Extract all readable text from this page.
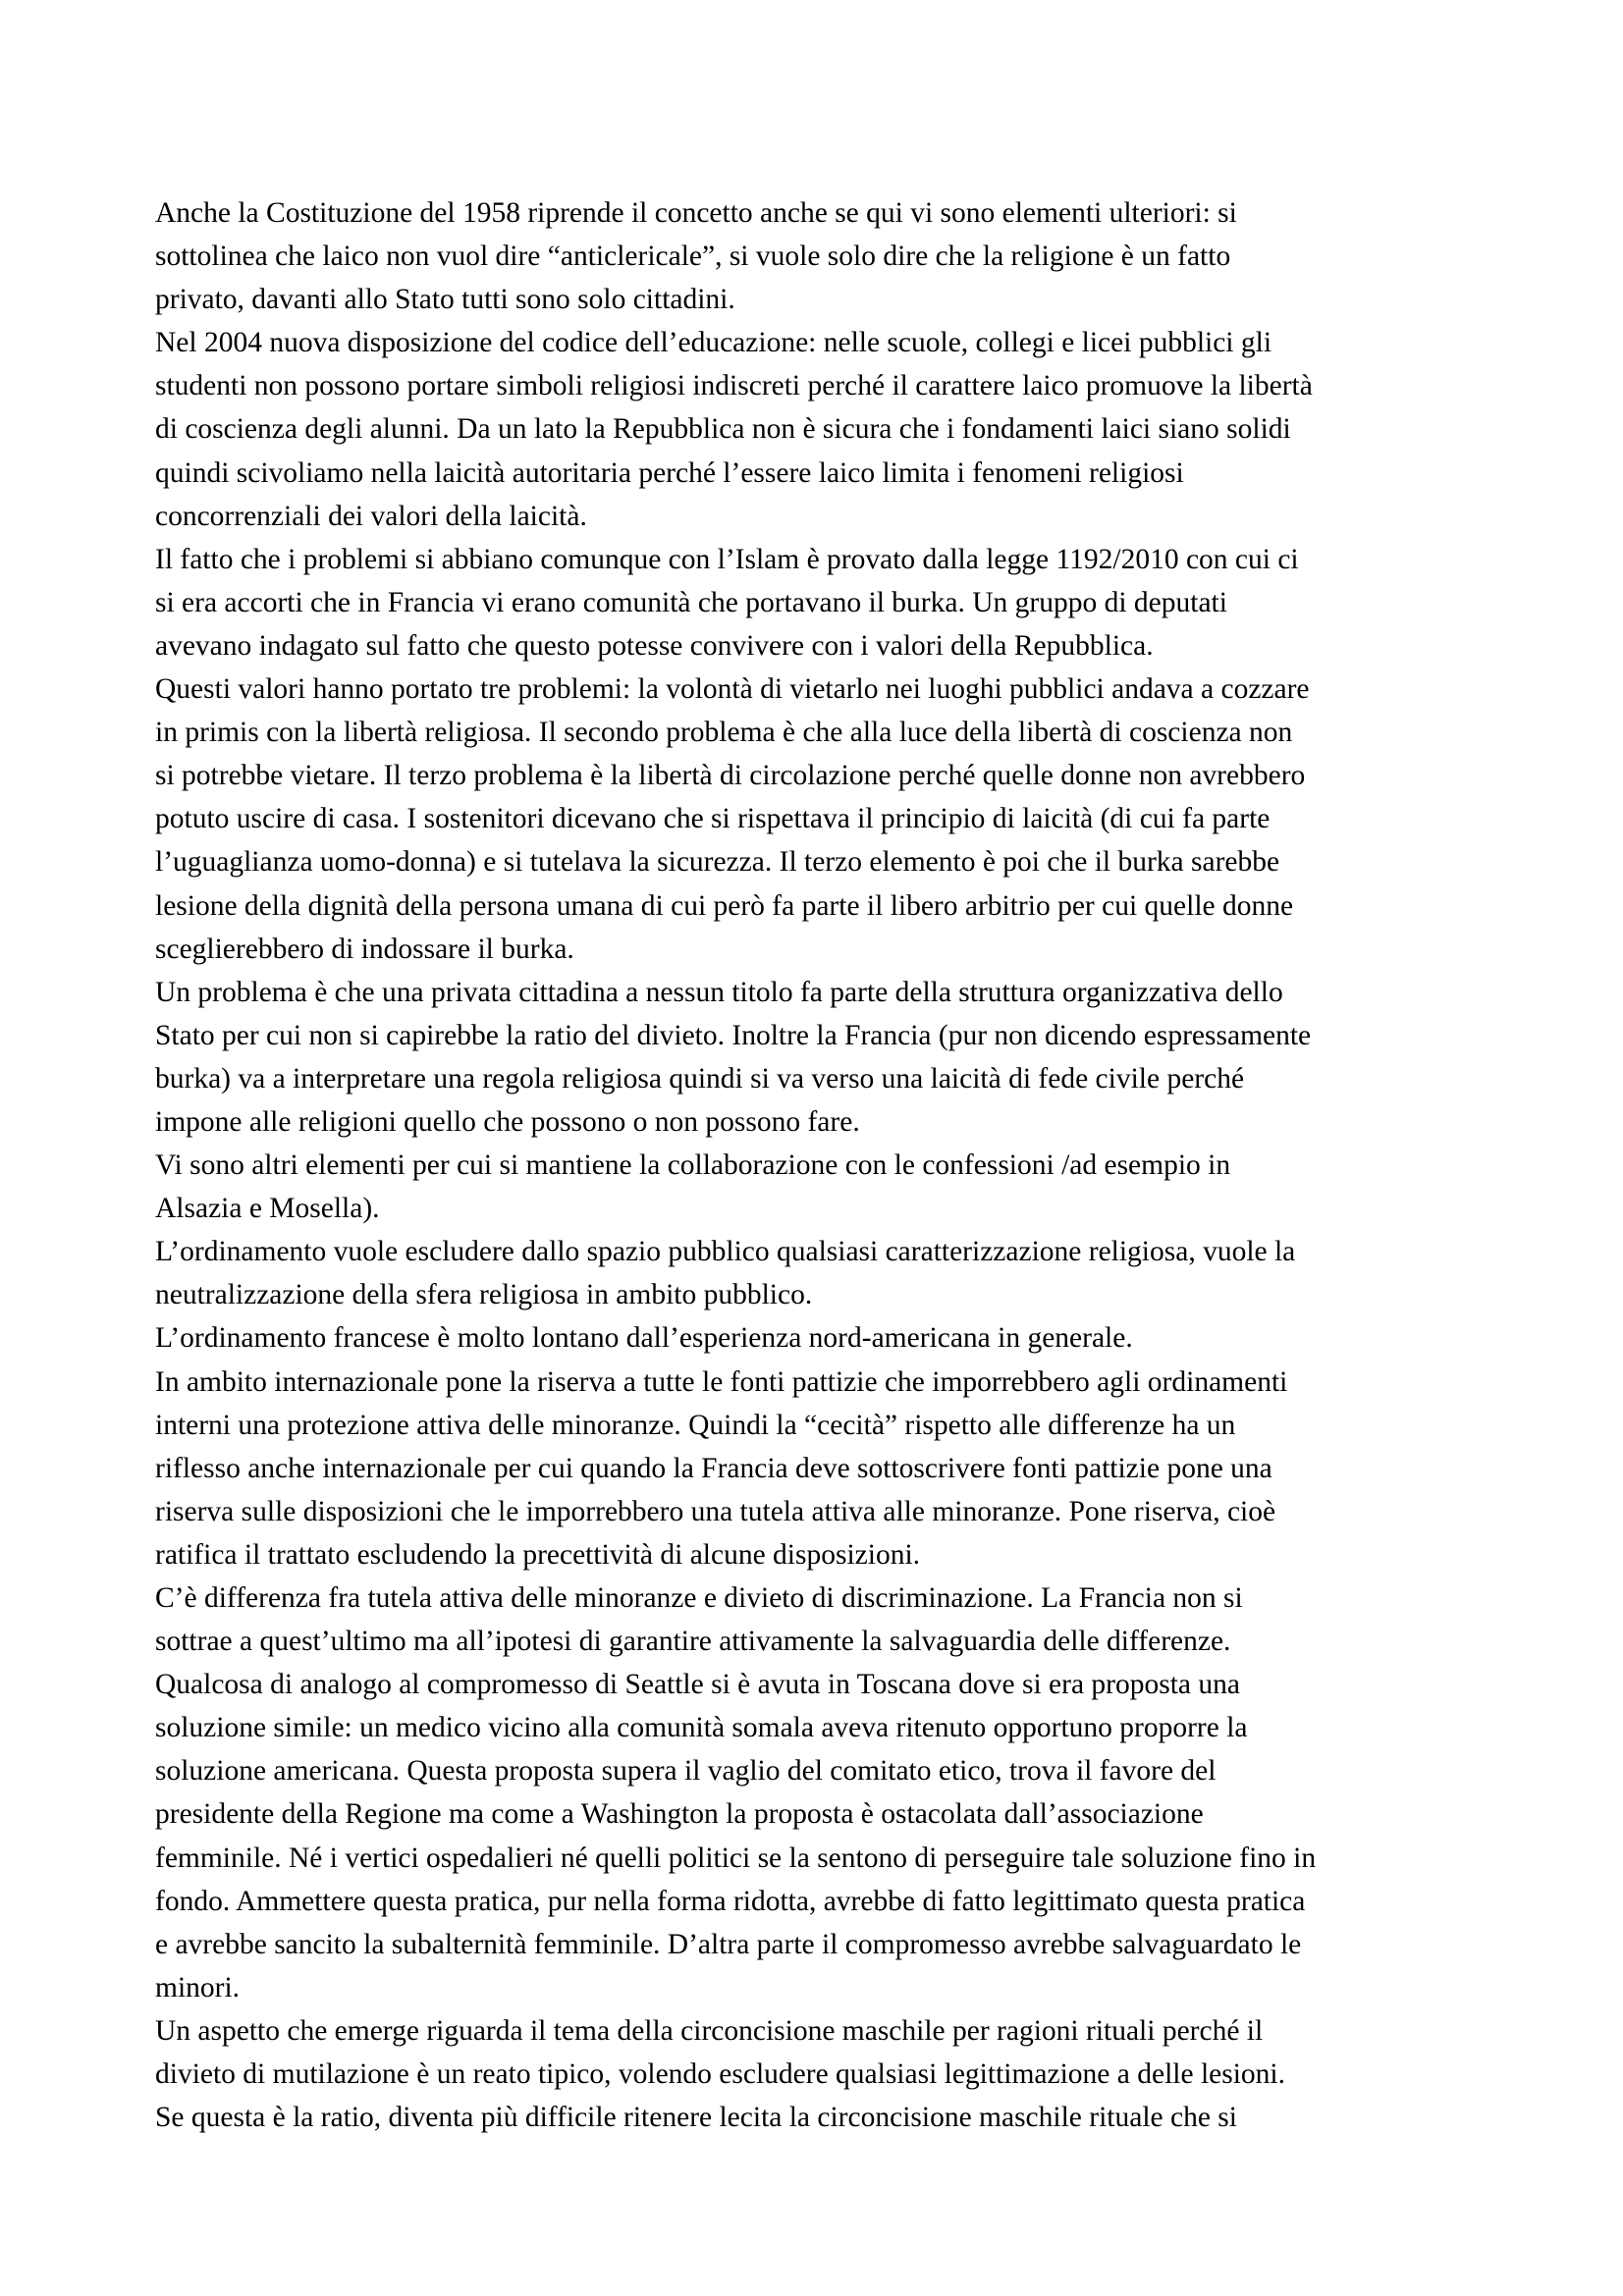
Anche la Costituzione del 1958 riprende il concetto anche se qui vi sono elementi ulteriori: si

sottolinea che laico non vuol dire “anticlericale”, si vuole solo dire che la religione è un fatto

privato, davanti allo Stato tutti sono solo cittadini.

Nel 2004 nuova disposizione del codice dell’educazione: nelle scuole, collegi e licei pubblici gli

studenti non possono portare simboli religiosi indiscreti perché il carattere laico promuove la libertà

di coscienza degli alunni. Da un lato la Repubblica non è sicura che i fondamenti laici siano solidi

quindi scivoliamo nella laicità autoritaria perché l’essere laico limita i fenomeni religiosi

concorrenziali dei valori della laicità.

Il fatto che i problemi si abbiano comunque con l’Islam è provato dalla legge 1192/2010 con cui ci

si era accorti che in Francia vi erano comunità che portavano il burka. Un gruppo di deputati

avevano indagato sul fatto che questo potesse convivere con i valori della Repubblica.

Questi valori hanno portato tre problemi: la volontà di vietarlo nei luoghi pubblici andava a cozzare

in primis con la libertà religiosa. Il secondo problema è che alla luce della libertà di coscienza non

si potrebbe vietare. Il terzo problema è la libertà di circolazione perché quelle donne non avrebbero

potuto uscire di casa. I sostenitori dicevano che si rispettava il principio di laicità (di cui fa parte

l’uguaglianza uomo-donna) e si tutelava la sicurezza. Il terzo elemento è poi che il burka sarebbe

lesione della dignità della persona umana di cui però fa parte il libero arbitrio per cui quelle donne

sceglierebbero di indossare il burka.

Un problema è che una privata cittadina a nessun titolo fa parte della struttura organizzativa dello

Stato per cui non si capirebbe la ratio del divieto. Inoltre la Francia (pur non dicendo espressamente

burka) va a interpretare una regola religiosa quindi si va verso una laicità di fede civile perché

impone alle religioni quello che possono o non possono fare.

Vi sono altri elementi per cui si mantiene la collaborazione con le confessioni /ad esempio in

Alsazia e Mosella).

L’ordinamento vuole escludere dallo spazio pubblico qualsiasi caratterizzazione religiosa, vuole la

neutralizzazione della sfera religiosa in ambito pubblico.

L’ordinamento francese è molto lontano dall’esperienza nord-americana in generale.

In ambito internazionale pone la riserva a tutte le fonti pattizie che imporrebbero agli ordinamenti

interni una protezione attiva delle minoranze. Quindi la “cecità” rispetto alle differenze ha un

riflesso anche internazionale per cui quando la Francia deve sottoscrivere fonti pattizie pone una

riserva sulle disposizioni che le imporrebbero una tutela attiva alle minoranze. Pone riserva, cioè

ratifica il trattato escludendo la precettività di alcune disposizioni.

C’è differenza fra tutela attiva delle minoranze e divieto di discriminazione. La Francia non si

sottrae a quest’ultimo ma all’ipotesi di garantire attivamente la salvaguardia delle differenze.

Qualcosa di analogo al compromesso di Seattle si è avuta in Toscana dove si era proposta una

soluzione simile: un medico vicino alla comunità somala aveva ritenuto opportuno proporre la

soluzione americana. Questa proposta supera il vaglio del comitato etico, trova il favore del

presidente della Regione ma come a Washington la proposta è ostacolata dall’associazione

femminile. Né i vertici ospedalieri né quelli politici se la sentono di perseguire tale soluzione fino in

fondo. Ammettere questa pratica, pur nella forma ridotta, avrebbe di fatto legittimato questa pratica

e avrebbe sancito la subalternità femminile. D’altra parte il compromesso avrebbe salvaguardato le

minori.

Un aspetto che emerge riguarda il tema della circoncisione maschile per ragioni rituali perché il

divieto di mutilazione è un reato tipico, volendo escludere qualsiasi legittimazione a delle lesioni.

Se questa è la ratio, diventa più difficile ritenere lecita la circoncisione maschile rituale che si
